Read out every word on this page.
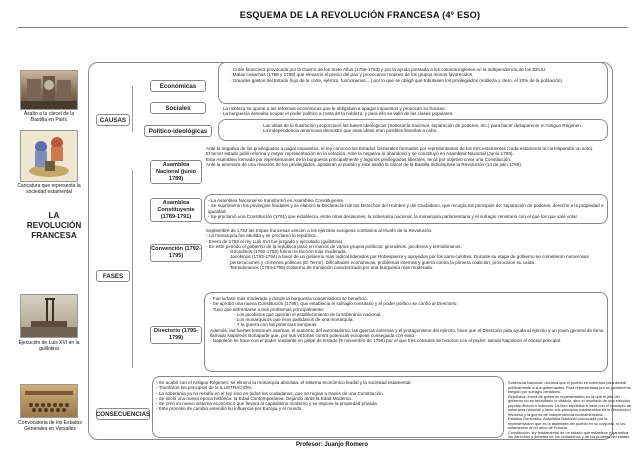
ESQUEMA DE LA REVOLUCIÓN FRANCESA (4º ESO)
Asalto a la cárcel de la Bastilla en París
Caricatura que representa la sociedad estamental
LA REVOLUCIÓN FRANCESA
Ejecución de Luis XVI en la guillotina
Convocatoria de los Estados Generales en Versalles
CAUSAS
FASES
CONSECUENCIAS
Económicas
Sociales
Político-ideológicas

· Crisis financiera provocada por la Guerra de los Siete Años (1756-1763) y por la ayuda prestada a los colonos ingleses en la independencia de los EEUU.

· Malas cosechas (1788 y 1789) que elevaron el precio del pan y provocaron motines de los grupos menos favorecidos.

· Grandes gastos del Estado (lujo de la corte, ejército, funcionarios,...) por lo que se obligó que tributasen los privilegiados (nobleza y clero, el 10% de la población).

· La nobleza se opone a las reformas económicas que le obligaban a apagar impuestos y provocan su fracaso.

· La burguesía deseaba ocupar el poder político a costa de la nobleza, y para ello se valió de las clases populares.

· Las ideas de la Ilustración proporcionó las bases ideológicas (Soberanía nacional, separación de poderes, etc.) para hacer desaparecer el Antiguo Régimen.

· La independencia americana demostró que esas ideas eran posibles llevarlas a cabo.

Asamblea Nacional (junio 1789)
Asamblea Constituyente (1789-1791)
Convención (1792-1795)
Directorio (1795-1799)

Ante la negativa de los privilegiados a pagar impuestos, el rey convocó los Estados Generales formados por representantes de los tres estamentos (cada estamento le correspondía un voto).

El tercer estado pidió reforma y mayor representación en la votación. Ante la negativa lo abandonó y se constituyó en Asamblea Nacional (Junio 1789).

Esta Asamblea formada por representantes de la burguesía principalmente y algunos privilegiados liberales, tenía por objetivo crear una Constitución.

Ante la amenaza de una reacción de los privilegiados, apoderan al pueblo y éste asaltó la cárcel de la Bastilla indicándose la Revolución (14 de julio 1789).

- La Asamblea Nacional se transformó en Asamblea Constituyente.

- Se suprimieron los privilegios feudales y se elaboró la Declaración de los Derechos del Hombre y del Ciudadano, que recogía los principios de: separación de poderes, derecho a la propiedad e igualdad.

- Se proclamó una Constitución (1791) que establecía, entre otras decisiones, la soberanía nacional, la monarquía parlamentaria y el sufragio censitario con el que los que vale votar.

Septiembre de 1792 las tropas francesas vencen a los ejércitos europeos contrarios al triunfo de la Revolución.

- La monarquía fue abolida y se proclamó la república.

- Enero de 1793 el rey Luis XVI fue juzgado y ejecutado (guillotina).

- En este periodo el gobierno de la república pasó en manos de varios grupos políticos: girondinos, jacobinos y termidorianos.

Girondinos (1792-1793) fueron la facción más moderada.

Jacobinos (1793-1794) a favor de un gobierno más radical liderados por Robespierre y apoyados por los sans-culottes. Durante su etapa de gobierno se cometieron numerosas persecuciones y crímenes políticos (El Terror). Dificultades económicas, problemas internas y guerra contra la primera coalición, provocaron su caída.

Termidorianos (1794-1795) Gobierno de transición caracterizado por una burguesía más moderada.

- Fue la fase más moderada y donde la burguesía conservadora se benefició.

- Se aprobó una nueva Constitución (1795), que establecía el sufragio censitario y el poder político se confió al Directorio.

- Tuvo que enfrentarse a tres problemas principalmente:

· Los jacobinos que querían el establecimiento de la soberanía nacional.

· Los monárquicos que eran partidarios de una monarquía.

· Y la guerra con las potencias europeas.

Además, las fuertes tensiones internas, el aumento del autoritarismo, las guerras externas y el protagonismo del ejército, hace que el Directorio pida ayuda al ejército y un joven general de fama llamado Napoleón Bonaparte que, por sus victorias contra potencias europeas conseguida con éxito.

- Napoleón se hace con el poder mediante un golpe de Estado (9 noviembre de 1799) por el que tres cónsules se hicieron con el poder; siendo Napoleón el cónsul principal.

- Se acabó con el Antiguo Régimen: se eliminó la monarquía absoluta, el sistema económico feudal y la sociedad estamental.

- Triunfaron los principios de la ILUSTRACIÓN.

- La soberanía ya no residía en el rey sino en todos los ciudadanos, que se regían a través de una Constitución.

- Se inició una nueva época histórica: la Edad Contemporánea. Dejando atrás la Edad Moderna.

- Se creó un nuevo sistema económico que llevará al capitalismo moderno y se impone la propiedad privada.

- Este proceso de cambio extendió su influencia por Europa y el mundo.

Soberanía Nacional: doctrina que el pueblo es soberano para decidir políticamente a sus gobernantes. Está representada por un parlamento elegido por sufragio censitario.

República: forma de gobierno representativo en la que el jefe del gobierno no es hereditario ni vitalicio, sino el resultado de una elección popular directa o indirecta. La libre república a nace con el concepto de soberanía nacional y tiene sus principios establecidos en la Revolución francesa y la guerra de independencia norteamericana.

Estados Generales: Asamblea Nacional convocada por la representación que es la asamblea del pueblo en su conjunto, ni los estamentos en el reino de Francia.

Constitución: ley fundamental de un estado que establece y garantiza los derechos y deberes de los ciudadanos y de los poderes del estado.

Profesor: Juanjo Romero
